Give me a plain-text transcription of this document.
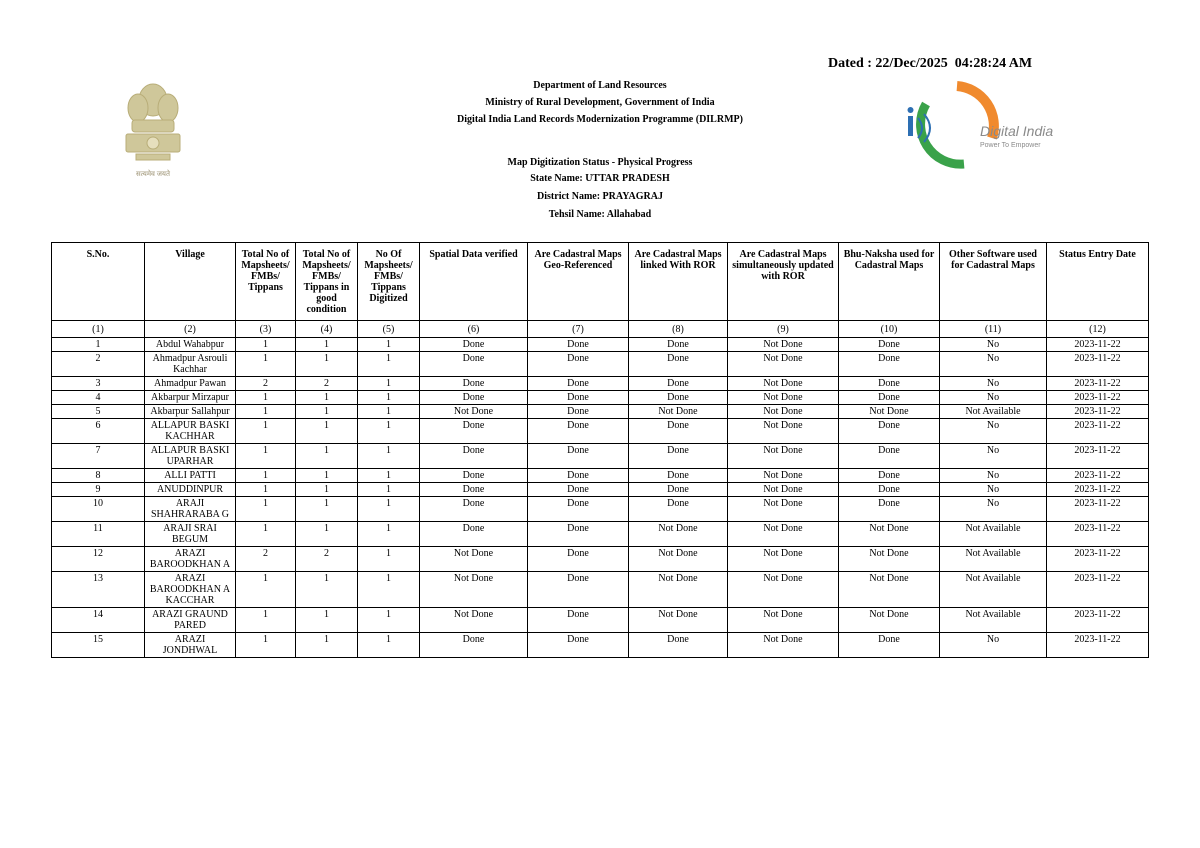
Dated : 22/Dec/2025  04:28:24 AM
Department of Land Resources
Ministry of Rural Development, Government of India
Digital India Land Records Modernization Programme (DILRMP)
Map Digitization Status - Physical Progress
State Name: UTTAR PRADESH
District Name: PRAYAGRAJ
Tehsil Name: Allahabad
सत्यमेव जयते
Digital India
Power To Empower
S.No.	Village	Total No of Mapsheets/ FMBs/ Tippans	Total No of Mapsheets/ FMBs/ Tippans in good condition	No Of Mapsheets/ FMBs/ Tippans Digitized	Spatial Data verified	Are Cadastral Maps Geo-Referenced	Are Cadastral Maps linked With ROR	Are Cadastral Maps simultaneously updated with ROR	Bhu-Naksha used for Cadastral Maps	Other Software used for Cadastral Maps	Status Entry Date
(1)	(2)	(3)	(4)	(5)	(6)	(7)	(8)	(9)	(10)	(11)	(12)
1	Abdul Wahabpur	1	1	1	Done	Done	Done	Not Done	Done	No	2023-11-22
2	Ahmadpur Asrouli Kachhar	1	1	1	Done	Done	Done	Not Done	Done	No	2023-11-22
3	Ahmadpur Pawan	2	2	1	Done	Done	Done	Not Done	Done	No	2023-11-22
4	Akbarpur Mirzapur	1	1	1	Done	Done	Done	Not Done	Done	No	2023-11-22
5	Akbarpur Sallahpur	1	1	1	Not Done	Done	Not Done	Not Done	Not Done	Not Available	2023-11-22
6	ALLAPUR BASKI KACHHAR	1	1	1	Done	Done	Done	Not Done	Done	No	2023-11-22
7	ALLAPUR BASKI UPARHAR	1	1	1	Done	Done	Done	Not Done	Done	No	2023-11-22
8	ALLI PATTI	1	1	1	Done	Done	Done	Not Done	Done	No	2023-11-22
9	ANUDDINPUR	1	1	1	Done	Done	Done	Not Done	Done	No	2023-11-22
10	ARAJI SHAHRARABA G	1	1	1	Done	Done	Done	Not Done	Done	No	2023-11-22
11	ARAJI SRAI BEGUM	1	1	1	Done	Done	Not Done	Not Done	Not Done	Not Available	2023-11-22
12	ARAZI BAROODKHAN A	2	2	1	Not Done	Done	Not Done	Not Done	Not Done	Not Available	2023-11-22
13	ARAZI BAROODKHAN A KACCHAR	1	1	1	Not Done	Done	Not Done	Not Done	Not Done	Not Available	2023-11-22
14	ARAZI GRAUND PARED	1	1	1	Not Done	Done	Not Done	Not Done	Not Done	Not Available	2023-11-22
15	ARAZI JONDHWAL	1	1	1	Done	Done	Done	Not Done	Done	No	2023-11-22
